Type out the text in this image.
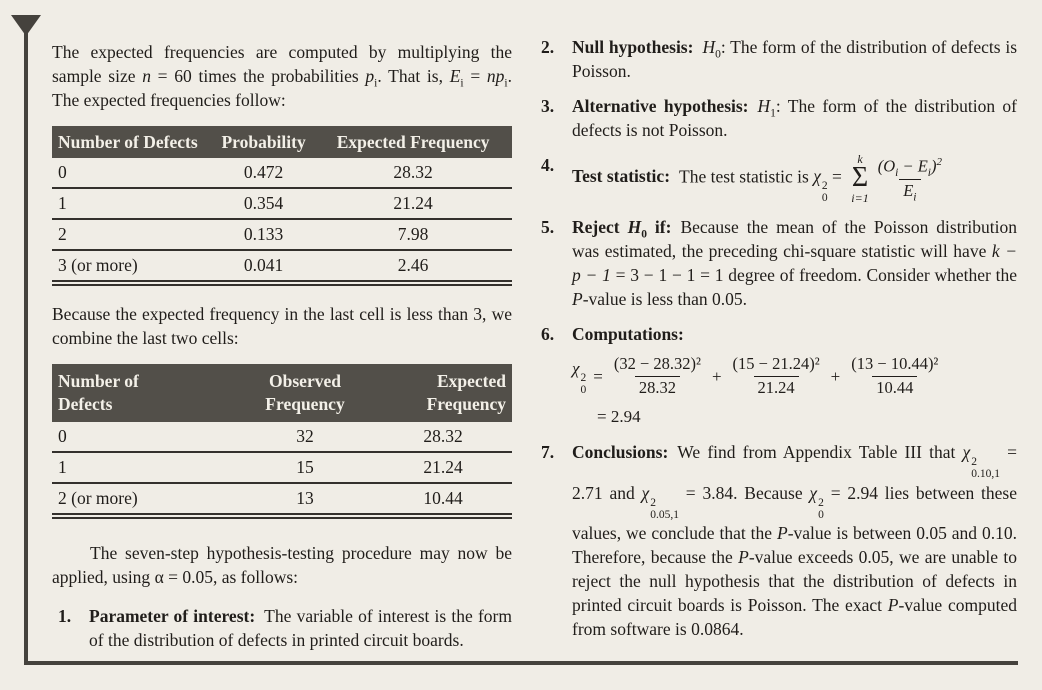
The expected frequencies are computed by multiplying the sample size n = 60 times the probabilities $p_i$. That is, $E_i = np_i$. The expected frequencies follow:

Number of Defects	Probability	Expected Frequency
0	0.472	28.32
1	0.354	21.24
2	0.133	7.98
3 (or more)	0.041	2.46

Because the expected frequency in the last cell is less than 3, we combine the last two cells:

Number of
Defects

Observed
Frequency

Expected
Frequency

0	32	28.32
1	15	21.24
2 (or more)	13	10.44

The seven-step hypothesis-testing procedure may now be applied, using α = 0.05, as follows:

1.	Parameter of interest: The variable of interest is the form of the distribution of defects in printed circuit boards.
2.	Null hypothesis: $H_0$: The form of the distribution of defects is Poisson.
3.	Alternative hypothesis: $H_1$: The form of the distribution of defects is not Poisson.
4.
Test statistic: The test statistic is χ 2
0
=
k
Σ
$i=1 \frac{(O_i - E_i)^2}{E_i}$
5.	Reject $H_0$ if: Because the mean of the Poisson distribution was estimated, the preceding chi-square statistic will have k − p − 1 = 3 − 1 − 1 = 1 degree of freedom. Consider whether the P-value is less than 0.05.
6.	Computations:
χ 2
0
= $\frac{\text{(32 − 28.32)²}}{28.32} + \frac{\text{(15 − 21.24)²}}{21.24} + \frac{\text{(13 − 10.44)²}}{10.44}$
= 2.94
7.	Conclusions: We find from Appendix Table III that χ 2
0.10,1
= 2.71 and χ 2
0.05,1
= 3.84. Because χ 2
0
= 2.94 lies between these values, we conclude that the P-value is between 0.05 and 0.10. Therefore, because the P-value exceeds 0.05, we are unable to reject the null hypothesis that the distribution of defects in printed circuit boards is Poisson. The exact P-value computed from software is 0.0864.
